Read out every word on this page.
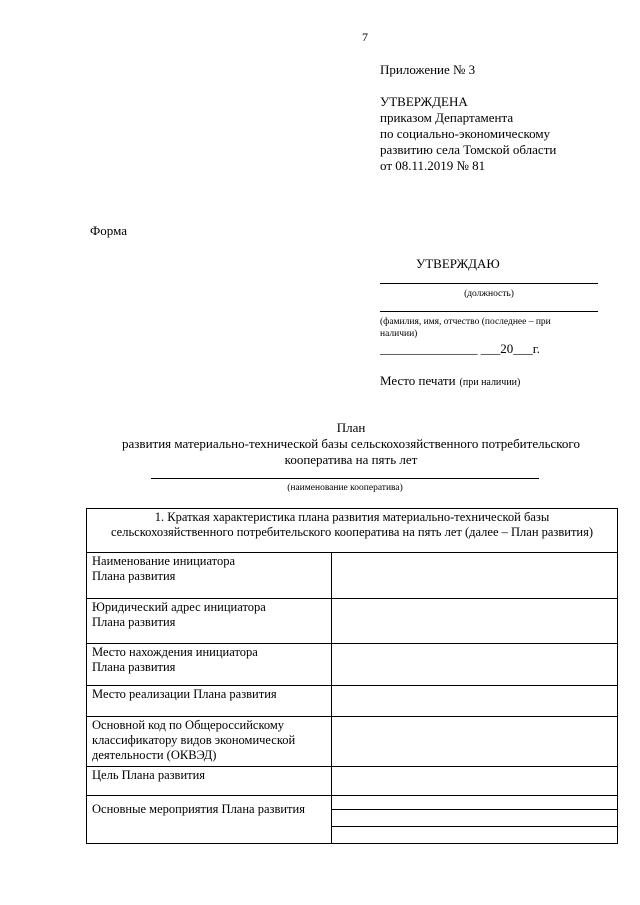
7
Приложение № 3
УТВЕРЖДЕНА
приказом Департамента
по социально-экономическому
развитию села Томской области
от 08.11.2019 № 81
Форма
УТВЕРЖДАЮ
(должность)
(фамилия, имя, отчество (последнее – при
наличии)
_______________ ___20___г.
Место печати (при наличии)
План
развития материально-технической базы сельскохозяйственного потребительского
кооператива на пять лет
(наименование кооператива)
1. Краткая характеристика плана развития материально-технической базы сельскохозяйственного потребительского кооператива на пять лет (далее – План развития)	

Наименование инициатора
Плана развития	

Юридический адрес инициатора
Плана развития	

Место нахождения инициатора
Плана развития	

Место реализации Плана развития	

Основной код по Общероссийскому
классификатору видов экономической
деятельности (ОКВЭД)	

Цель Плана развития	

Основные мероприятия Плана развития	
